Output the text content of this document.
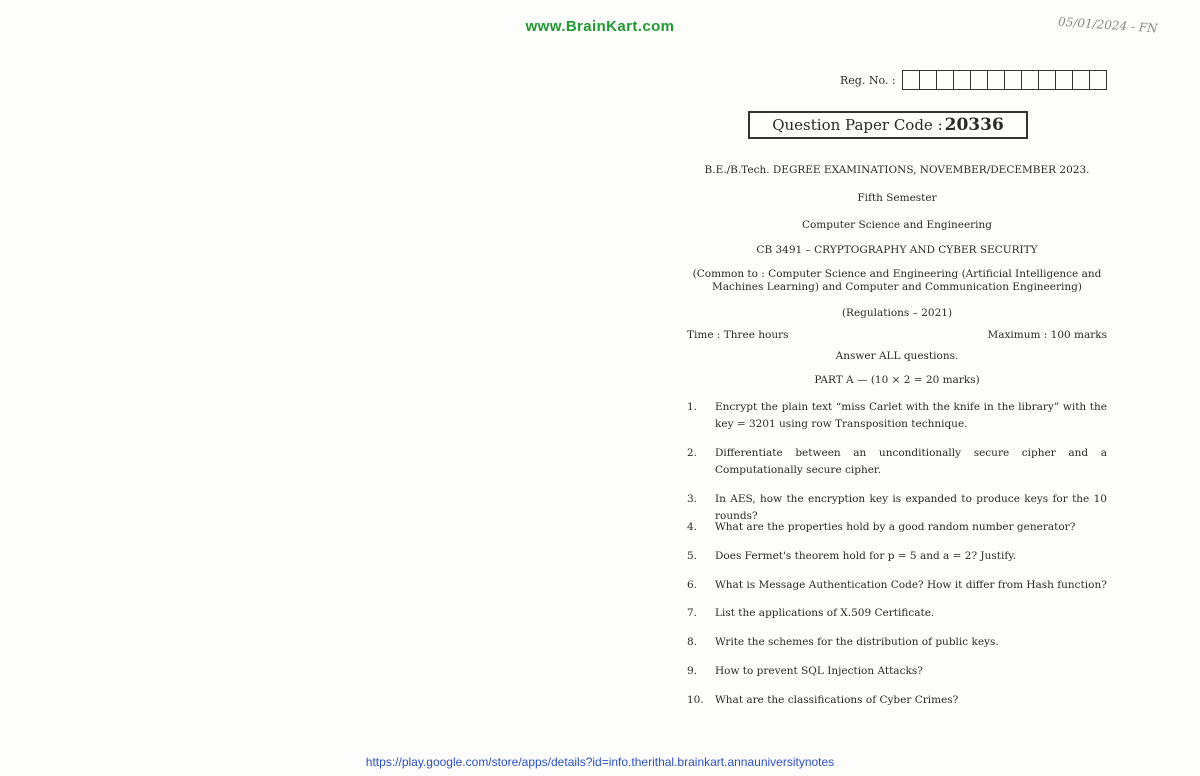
www.BrainKart.com	05/01/2024 - FN
Reg. No. :
Question Paper Code : 20336
B.E./B.Tech. DEGREE EXAMINATIONS, NOVEMBER/DECEMBER 2023.
Fifth Semester
Computer Science and Engineering
CB 3491 – CRYPTOGRAPHY AND CYBER SECURITY
(Common to : Computer Science and Engineering (Artificial Intelligence and Machines Learning) and Computer and Communication Engineering)
(Regulations – 2021)
Time : Three hours	Maximum : 100 marks
Answer ALL questions.
PART A — (10 × 2 = 20 marks)
1.	Encrypt the plain text “miss Carlet with the knife in the library” with the key = 3201 using row Transposition technique.
2.	Differentiate between an unconditionally secure cipher and a Computationally secure cipher.
3.	In AES, how the encryption key is expanded to produce keys for the 10 rounds?
4.	What are the properties hold by a good random number generator?
5.	Does Fermet's theorem hold for p = 5 and a = 2? Justify.
6.	What is Message Authentication Code? How it differ from Hash function?
7.	List the applications of X.509 Certificate.
8.	Write the schemes for the distribution of public keys.
9.	How to prevent SQL Injection Attacks?
10.	What are the classifications of Cyber Crimes?
https://play.google.com/store/apps/details?id=info.therithal.brainkart.annauniversitynotes
